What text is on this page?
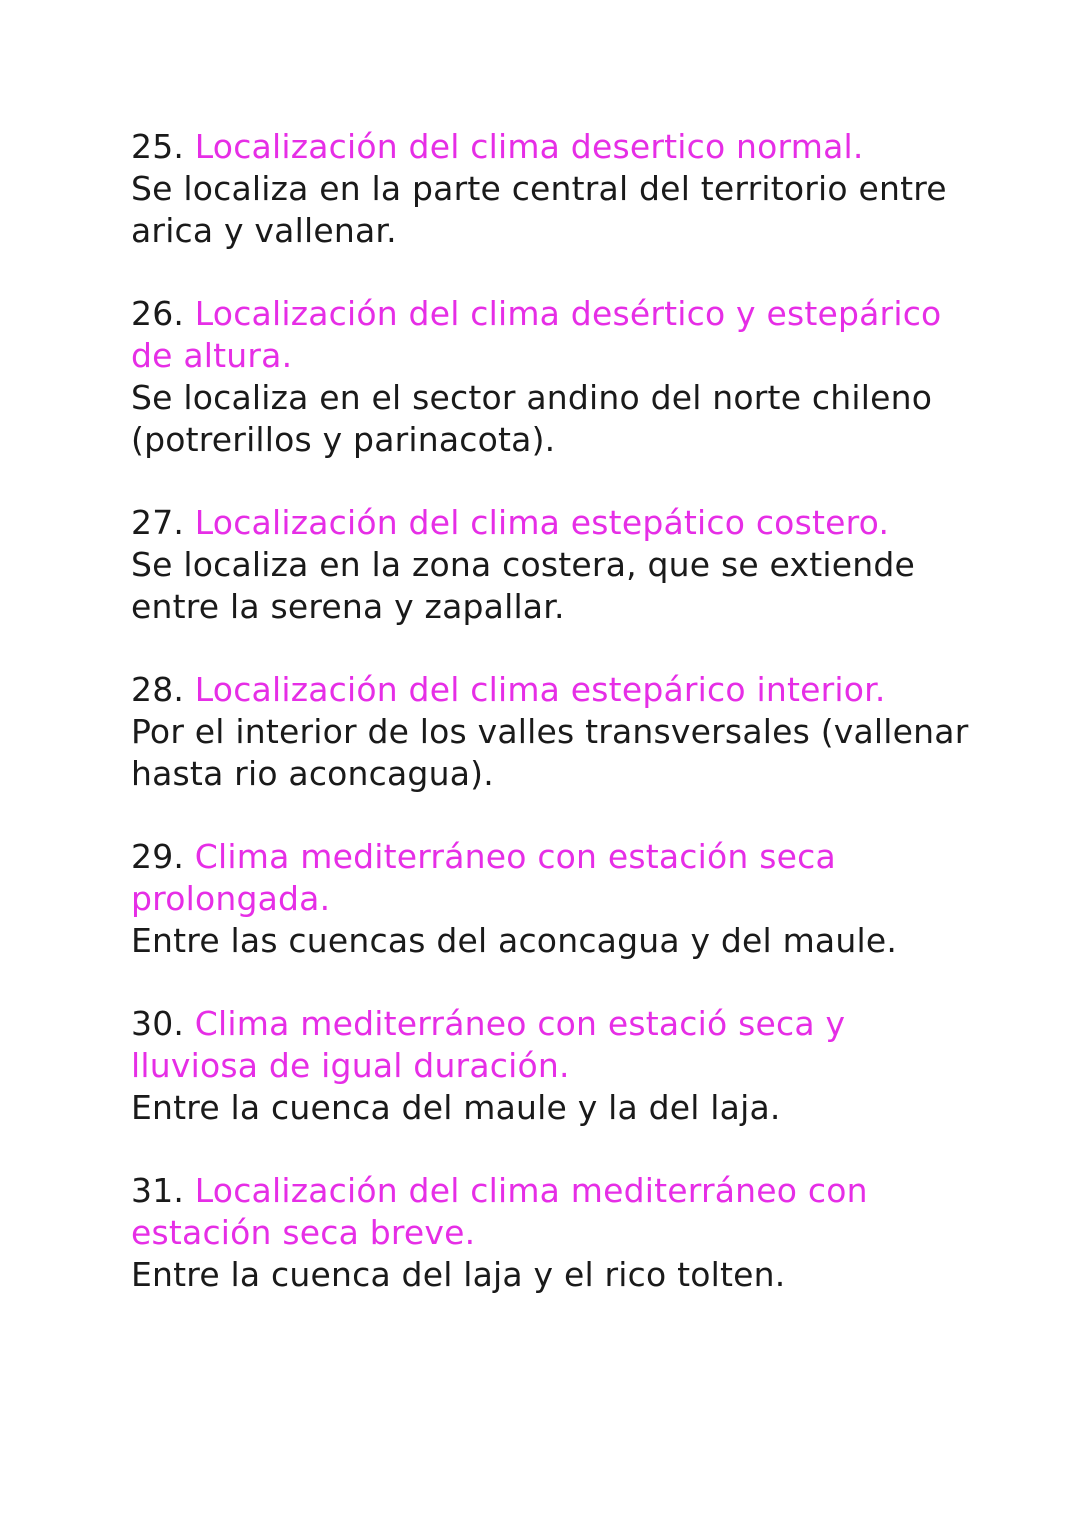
25. Localización del clima desertico normal.

Se localiza en la parte central del territorio entre arica y vallenar.

26. Localización del clima desértico y estepárico de altura.

Se localiza en el sector andino del norte chileno (potrerillos y parinacota).

27. Localización del clima estepático costero.

Se localiza en la zona costera, que se extiende entre la serena y zapallar.

28. Localización del clima estepárico interior.

Por el interior de los valles transversales (vallenar hasta rio aconcagua).

29. Clima mediterráneo con estación seca prolongada.

Entre las cuencas del aconcagua y del maule.

30. Clima mediterráneo con estació seca y lluviosa de igual duración.

Entre la cuenca del maule y la del laja.

31. Localización del clima mediterráneo con estación seca breve.

Entre la cuenca del laja y el rico tolten.
